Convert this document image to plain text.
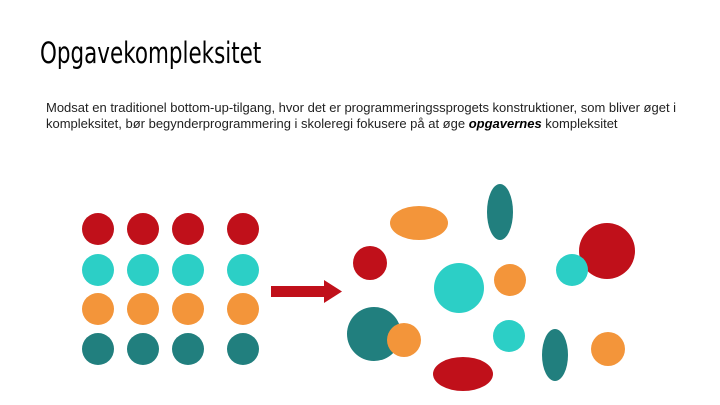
Opgavekompleksitet

Modsat en traditionel bottom-up-tilgang, hvor det er programmeringssprogets konstruktioner, som bliver øget i kompleksitet, bør begynderprogrammering i skoleregi fokusere på at øge opgavernes kompleksitet
